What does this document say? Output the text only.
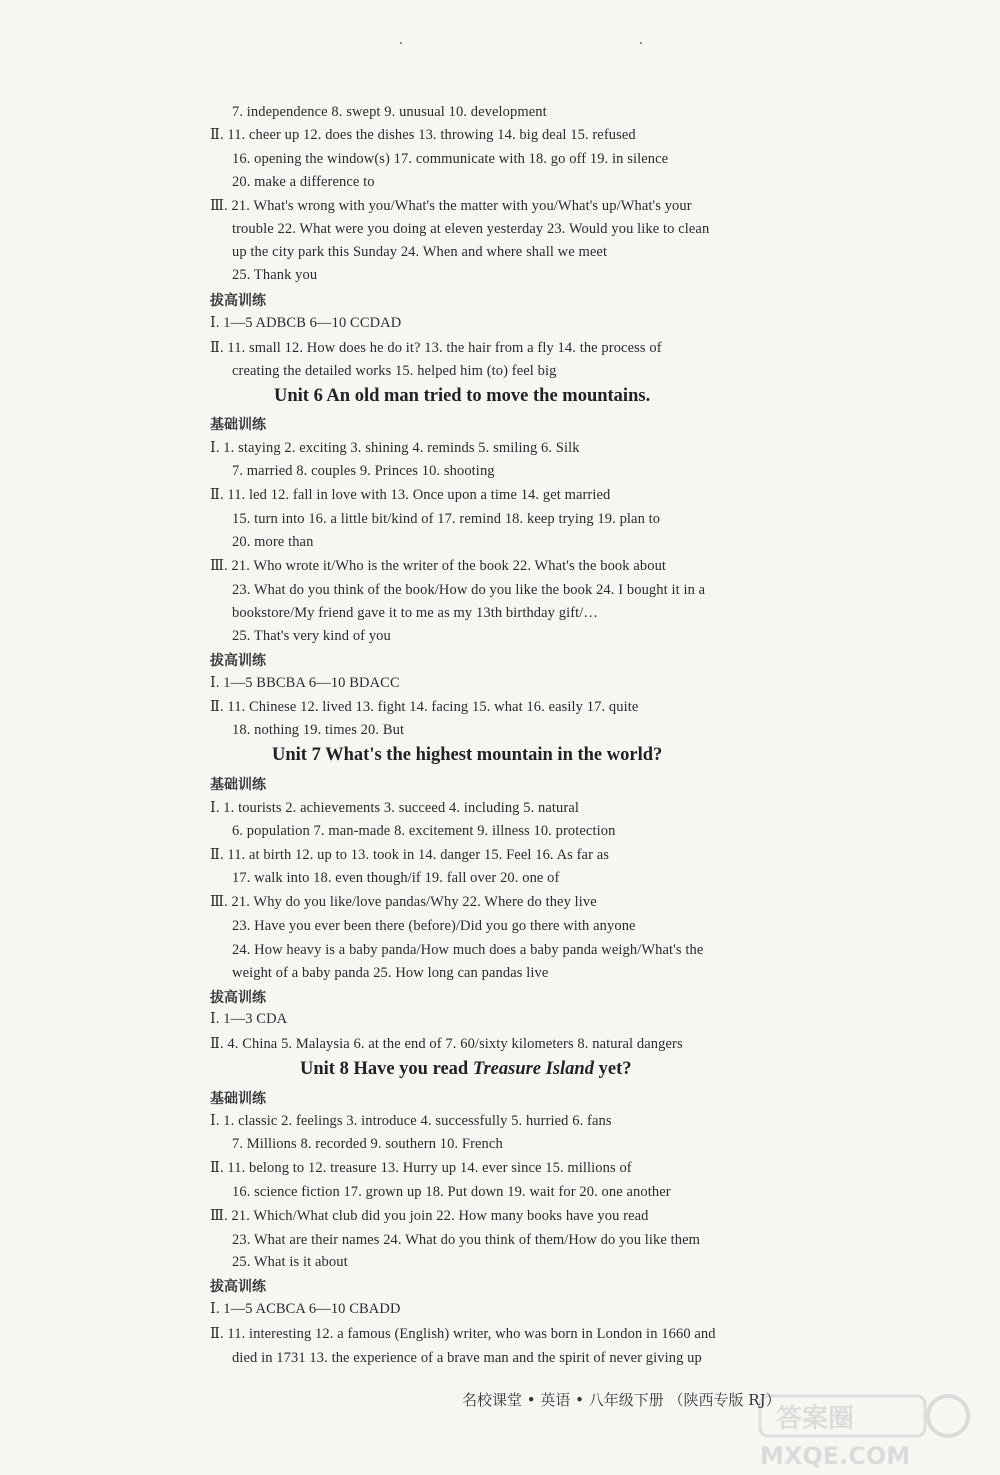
7. independence 8. swept 9. unusual 10. development
Ⅱ. 11. cheer up 12. does the dishes 13. throwing 14. big deal 15. refused
16. opening the window(s) 17. communicate with 18. go off 19. in silence
20. make a difference to
Ⅲ. 21. What's wrong with you/What's the matter with you/What's up/What's your
trouble 22. What were you doing at eleven yesterday 23. Would you like to clean
up the city park this Sunday 24. When and where shall we meet
25. Thank you
拔高训练
Ⅰ. 1—5 ADBCB 6—10 CCDAD
Ⅱ. 11. small 12. How does he do it? 13. the hair from a fly 14. the process of
creating the detailed works 15. helped him (to) feel big
Unit 6 An old man tried to move the mountains.
基础训练
Ⅰ. 1. staying 2. exciting 3. shining 4. reminds 5. smiling 6. Silk
7. married 8. couples 9. Princes 10. shooting
Ⅱ. 11. led 12. fall in love with 13. Once upon a time 14. get married
15. turn into 16. a little bit/kind of 17. remind 18. keep trying 19. plan to
20. more than
Ⅲ. 21. Who wrote it/Who is the writer of the book 22. What's the book about
23. What do you think of the book/How do you like the book 24. I bought it in a
bookstore/My friend gave it to me as my 13th birthday gift/…
25. That's very kind of you
拔高训练
Ⅰ. 1—5 BBCBA 6—10 BDACC
Ⅱ. 11. Chinese 12. lived 13. fight 14. facing 15. what 16. easily 17. quite
18. nothing 19. times 20. But
Unit 7 What's the highest mountain in the world?
基础训练
Ⅰ. 1. tourists 2. achievements 3. succeed 4. including 5. natural
6. population 7. man-made 8. excitement 9. illness 10. protection
Ⅱ. 11. at birth 12. up to 13. took in 14. danger 15. Feel 16. As far as
17. walk into 18. even though/if 19. fall over 20. one of
Ⅲ. 21. Why do you like/love pandas/Why 22. Where do they live
23. Have you ever been there (before)/Did you go there with anyone
24. How heavy is a baby panda/How much does a baby panda weigh/What's the
weight of a baby panda 25. How long can pandas live
拔高训练
Ⅰ. 1—3 CDA
Ⅱ. 4. China 5. Malaysia 6. at the end of 7. 60/sixty kilometers 8. natural dangers
Unit 8 Have you read Treasure Island yet?
基础训练
Ⅰ. 1. classic 2. feelings 3. introduce 4. successfully 5. hurried 6. fans
7. Millions 8. recorded 9. southern 10. French
Ⅱ. 11. belong to 12. treasure 13. Hurry up 14. ever since 15. millions of
16. science fiction 17. grown up 18. Put down 19. wait for 20. one another
Ⅲ. 21. Which/What club did you join 22. How many books have you read
23. What are their names 24. What do you think of them/How do you like them
25. What is it about
拔高训练
Ⅰ. 1—5 ACBCA 6—10 CBADD
Ⅱ. 11. interesting 12. a famous (English) writer, who was born in London in 1660 and
died in 1731 13. the experience of a brave man and the spirit of never giving up
名校课堂 • 英语 • 八年级下册 （陕西专版 RJ）
答案圈
MXQE.COM
